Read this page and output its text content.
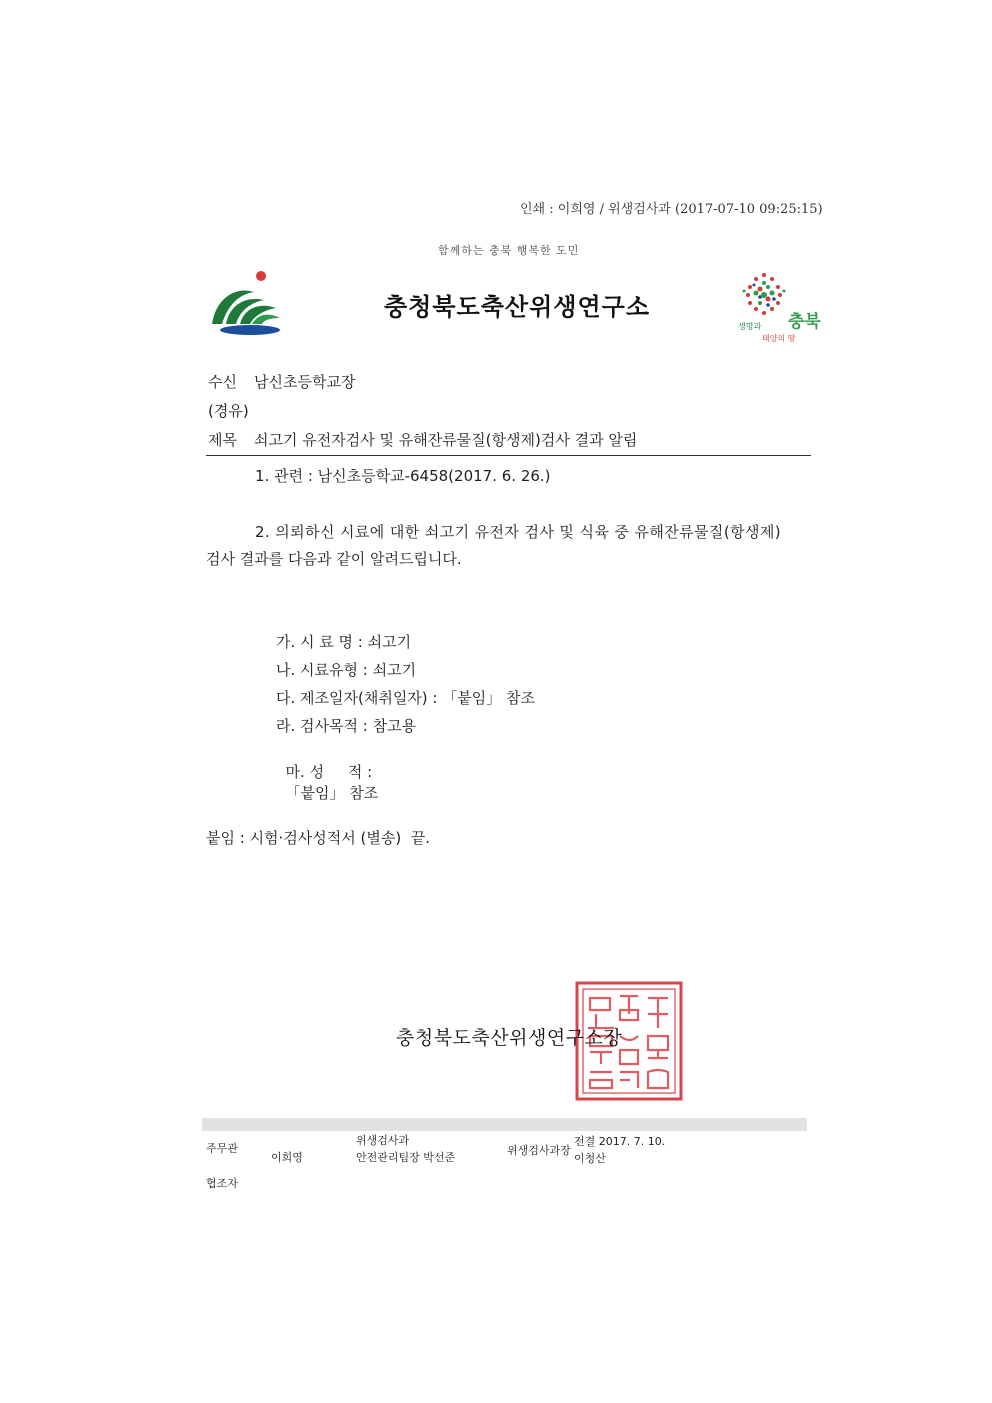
인쇄 : 이희영 / 위생검사과 (2017-07-10 09:25:15)
함께하는 충북 행복한 도민
충청북도축산위생연구소
충북
생명과
태양의 땅
수신 남신초등학교장
(경유)
제목 쇠고기 유전자검사 및 유해잔류물질(항생제)검사 결과 알림
1. 관련 : 남신초등학교-6458(2017. 6. 26.)
2. 의뢰하신 시료에 대한 쇠고기 유전자 검사 및 식육 중 유해잔류물질(항생제)
검사 결과를 다음과 같이 알려드립니다.
가. 시 료 명 : 쇠고기
나. 시료유형 : 쇠고기
다. 제조일자(채취일자) : 「붙임」 참조
라. 검사목적 : 참고용

마. 성     적 :
「붙임」 참조

붙임 : 시험·검사성적서 (별송)  끝.
충청북도축산위생연구소장
주무관
이희영
위생검사과
안전관리팀장 박선준
위생검사과장
전결 2017. 7. 10.
이청산
협조자
